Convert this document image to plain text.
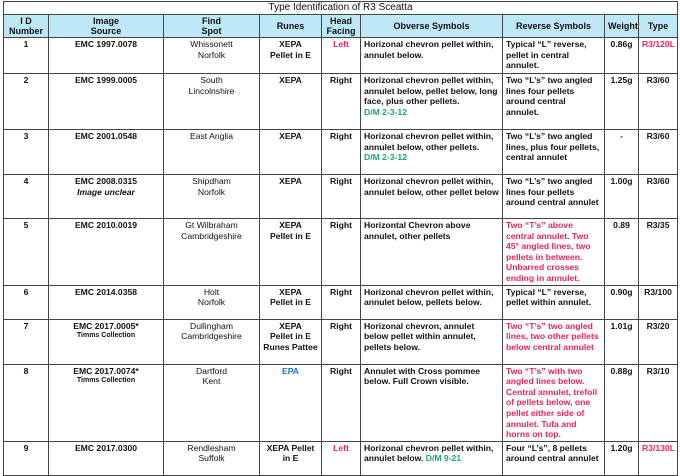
Type Identification of R3 Sceatta								
I D
Number	Image
Source	Find
Spot	Runes	Head
Facing	Obverse Symbols	Reverse Symbols	Weight	Type
1	EMC 1997.0078	Whissonett
Norfolk	XEPA
Pellet in E	Left	Horizonal chevron pellet within, annulet below.	Typical “L” reverse, pellet in central annulet.	0.86g	R3/120L
2	EMC 1999.0005	South
Lincolnshire	XEPA	Right	Horizonal chevron pellet within, annulet below, pellet below, long face, plus other pellets.
D/M 2-3-12	Two “L’s” two angled lines four pellets around central annulet.	1.25g	R3/60
3	EMC 2001.0548	East Anglia	XEPA	Right	Horizonal chevron pellet within, annulet below, other pellets.
D/M 2-3-12	Two “L’s” two angled lines, plus four pellets, central annulet	-	R3/60
4	EMC 2008.0315
Image unclear	Shipdham
Norfolk	XEPA	Right	Horizonal chevron pellet within, annulet below, other pellet below	Two “L’s” two angled lines four pellets around central annulet	1.00g	R3/60
5	EMC 2010.0019	Gt Wilbraham
Cambridgeshire	XEPA
Pellet in E	Right	Horizontal Chevron above annulet, other pellets	Two “T’s” above central annulet. Two 45° angled lines, two pellets in between. Unbarred crosses ending in annulet.	0.89	R3/35
6	EMC 2014.0358	Holt
Norfolk	XEPA
Pellet in E	Right	Horizonal chevron pellet within, annulet below, pellets below.	Typical “L” reverse, pellet within annulet.	0.90g	R3/100
7	EMC 2017.0005*
Timms Collection	Dullingham
Cambridgeshire	XEPA
Pellet in E
Runes Pattee	Right	Horizonal chevron, annulet below pellet within annulet, pellets below.	Two “T’s” two angled lines, two other pellets below central annulet	1.01g	R3/20
8	EMC 2017.0074*
Timms Collection	Dartford
Kent	EPA	Right	Annulet with Cross pommee below. Full Crown visible.	Two “T’s” with two angled lines below. Central annulet, trefoil of pellets below, one pellet either side of annulet. Tufa and horns on top.	0.88g	R3/10
9	EMC 2017.0300	Rendlesham
Suffolk	XEPA Pellet
in E	Left	Horizonal chevron pellet within, annulet below. D/M 9-21	Four “L’s”, 8 pellets around central annulet	1.20g	R3/130L
